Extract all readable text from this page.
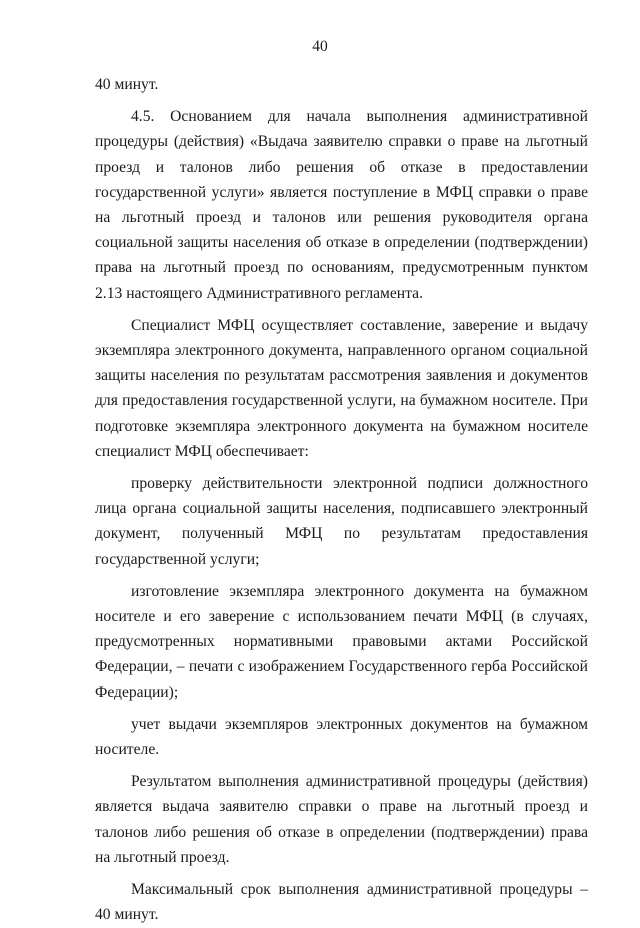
40

40 минут.

4.5. Основанием для начала выполнения административной процедуры (действия) «Выдача заявителю справки о праве на льготный проезд и талонов либо решения об отказе в предоставлении государственной услуги» является поступление в МФЦ справки о праве на льготный проезд и талонов или решения руководителя органа социальной защиты населения об отказе в определении (подтверждении) права на льготный проезд по основаниям, предусмотренным пунктом 2.13 настоящего Административного регламента.

Специалист МФЦ осуществляет составление, заверение и выдачу экземпляра электронного документа, направленного органом социальной защиты населения по результатам рассмотрения заявления и документов для предоставления государственной услуги, на бумажном носителе. При подготовке экземпляра электронного документа на бумажном носителе специалист МФЦ обеспечивает:

проверку действительности электронной подписи должностного лица органа социальной защиты населения, подписавшего электронный документ, полученный МФЦ по результатам предоставления государственной услуги;

изготовление экземпляра электронного документа на бумажном носителе и его заверение с использованием печати МФЦ (в случаях, предусмотренных нормативными правовыми актами Российской Федерации, – печати с изображением Государственного герба Российской Федерации);

учет выдачи экземпляров электронных документов на бумажном носителе.

Результатом выполнения административной процедуры (действия) является выдача заявителю справки о праве на льготный проезд и талонов либо решения об отказе в определении (подтверждении) права на льготный проезд.

Максимальный срок выполнения административной процедуры – 40 минут.
